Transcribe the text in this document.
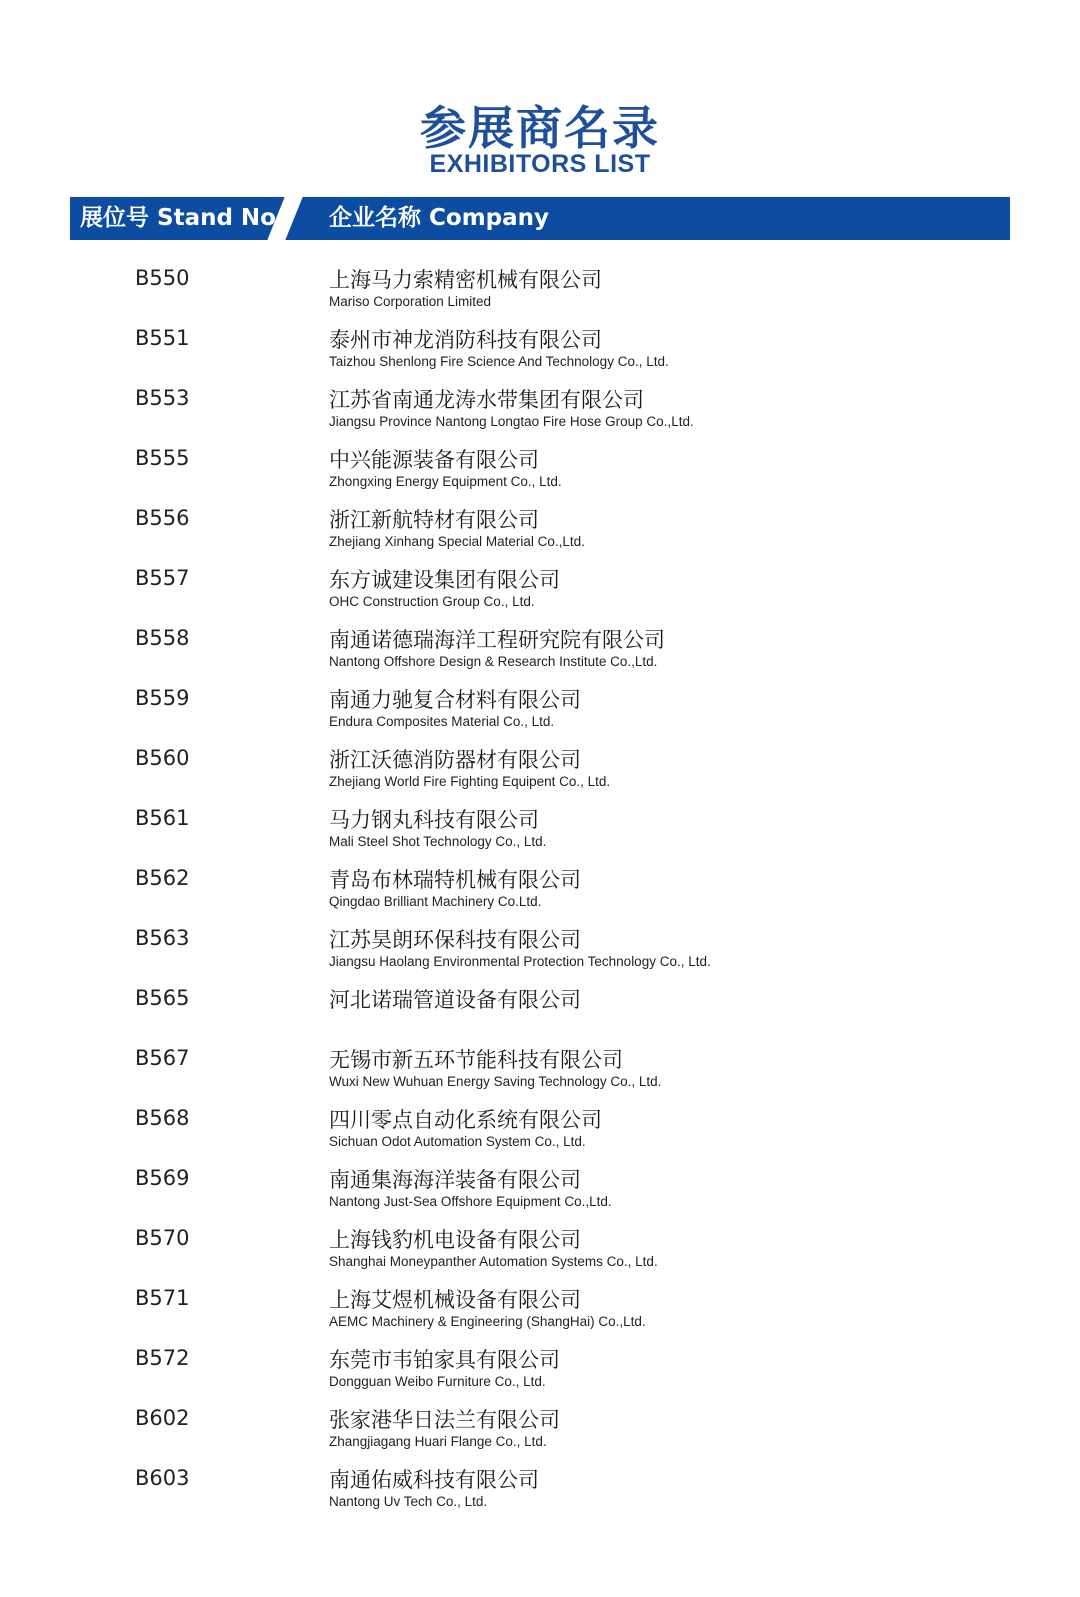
参展商名录
EXHIBITORS LIST
展位号 Stand No. 企业名称 Company
B550	上海马力索精密机械有限公司
Mariso Corporation Limited
B551	泰州市神龙消防科技有限公司
Taizhou Shenlong Fire Science And Technology Co., Ltd.
B553	江苏省南通龙涛水带集团有限公司
Jiangsu Province Nantong Longtao Fire Hose Group Co.,Ltd.
B555	中兴能源装备有限公司
Zhongxing Energy Equipment Co., Ltd.
B556	浙江新航特材有限公司
Zhejiang Xinhang Special Material Co.,Ltd.
B557	东方诚建设集团有限公司
OHC Construction Group Co., Ltd.
B558	南通诺德瑞海洋工程研究院有限公司
Nantong Offshore Design & Research Institute Co.,Ltd.
B559	南通力驰复合材料有限公司
Endura Composites Material Co., Ltd.
B560	浙江沃德消防器材有限公司
Zhejiang World Fire Fighting Equipent Co., Ltd.
B561	马力钢丸科技有限公司
Mali Steel Shot Technology Co., Ltd.
B562	青岛布林瑞特机械有限公司
Qingdao Brilliant Machinery Co.Ltd.
B563	江苏昊朗环保科技有限公司
Jiangsu Haolang Environmental Protection Technology Co., Ltd.
B565	河北诺瑞管道设备有限公司
B567	无锡市新五环节能科技有限公司
Wuxi New Wuhuan Energy Saving Technology Co., Ltd.
B568	四川零点自动化系统有限公司
Sichuan Odot Automation System Co., Ltd.
B569	南通集海海洋装备有限公司
Nantong Just-Sea Offshore Equipment Co.,Ltd.
B570	上海钱豹机电设备有限公司
Shanghai Moneypanther Automation Systems Co., Ltd.
B571	上海艾煜机械设备有限公司
AEMC Machinery & Engineering (ShangHai) Co.,Ltd.
B572	东莞市韦铂家具有限公司
Dongguan Weibo Furniture Co., Ltd.
B602	张家港华日法兰有限公司
Zhangjiagang Huari Flange Co., Ltd.
B603	南通佑威科技有限公司
Nantong Uv Tech Co., Ltd.
